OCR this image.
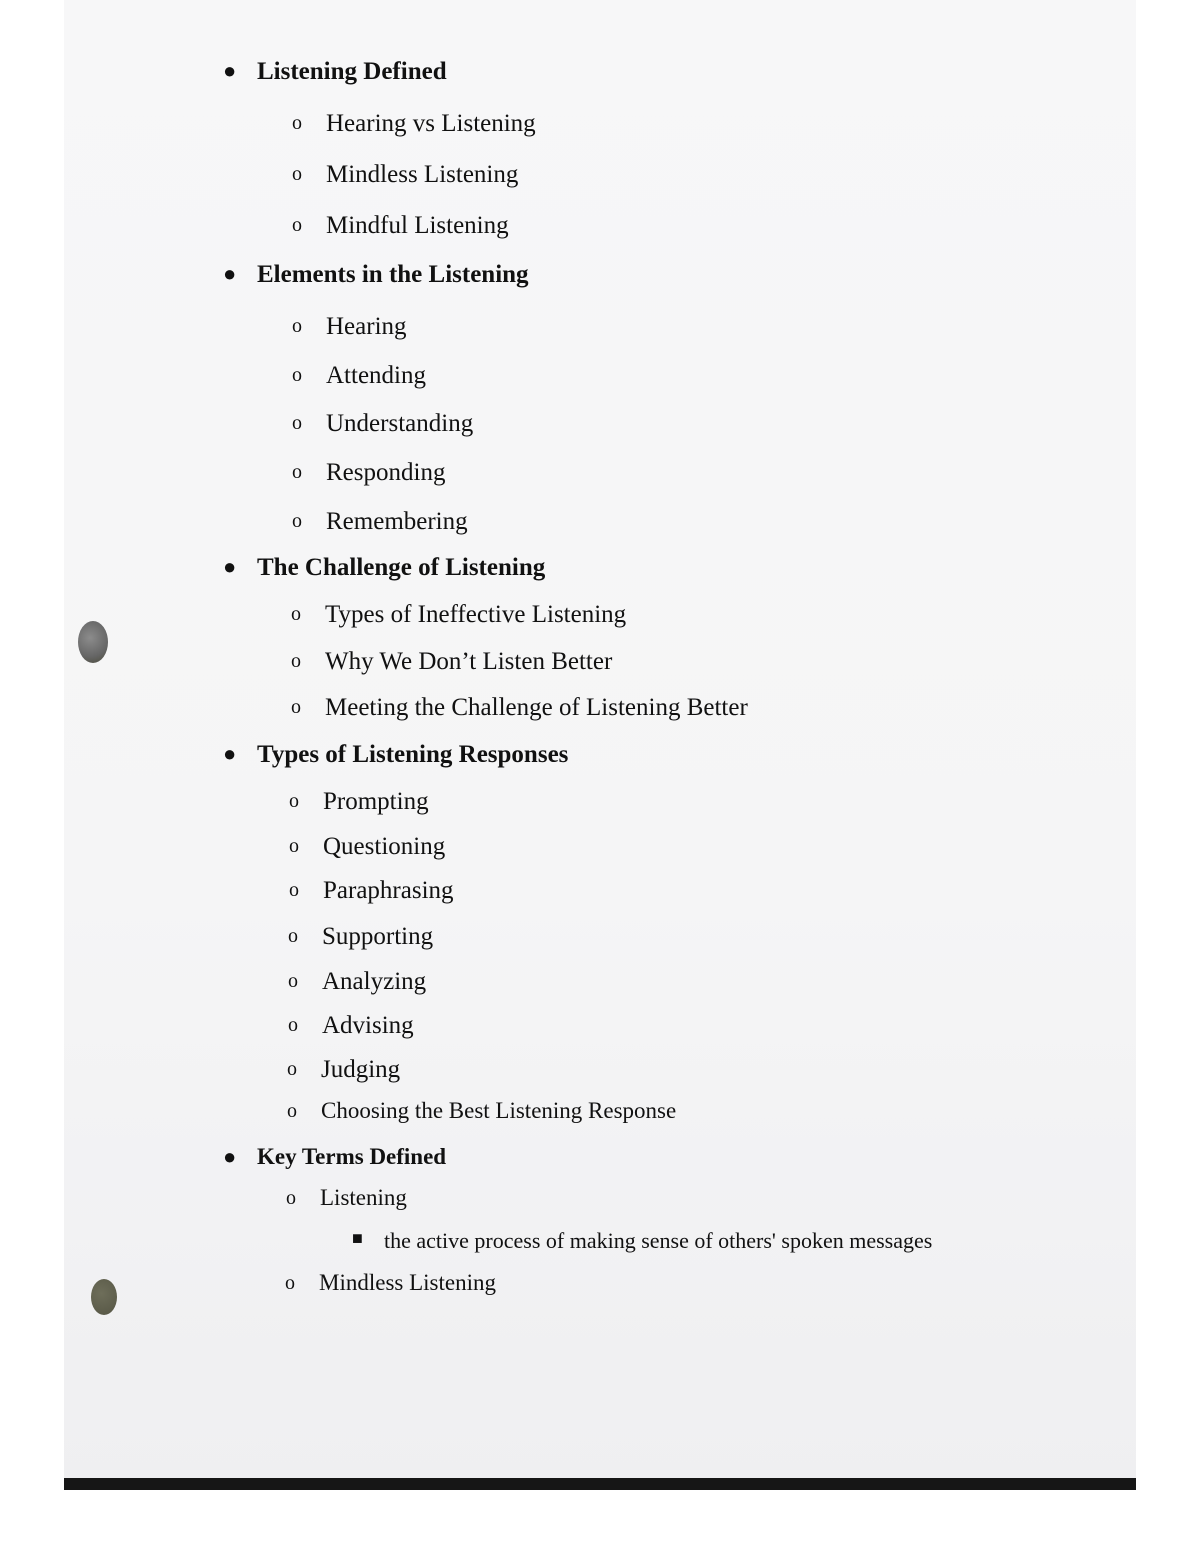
● Listening Defined
o Hearing vs Listening
o Mindless Listening
o Mindful Listening
● Elements in the Listening
o Hearing
o Attending
o Understanding
o Responding
o Remembering
● The Challenge of Listening
o Types of Ineffective Listening
o Why We Don’t Listen Better
o Meeting the Challenge of Listening Better
● Types of Listening Responses
o Prompting
o Questioning
o Paraphrasing
o Supporting
o Analyzing
o Advising
o Judging
o Choosing the Best Listening Response
● Key Terms Defined
o Listening
■ the active process of making sense of others' spoken messages
o Mindless Listening
